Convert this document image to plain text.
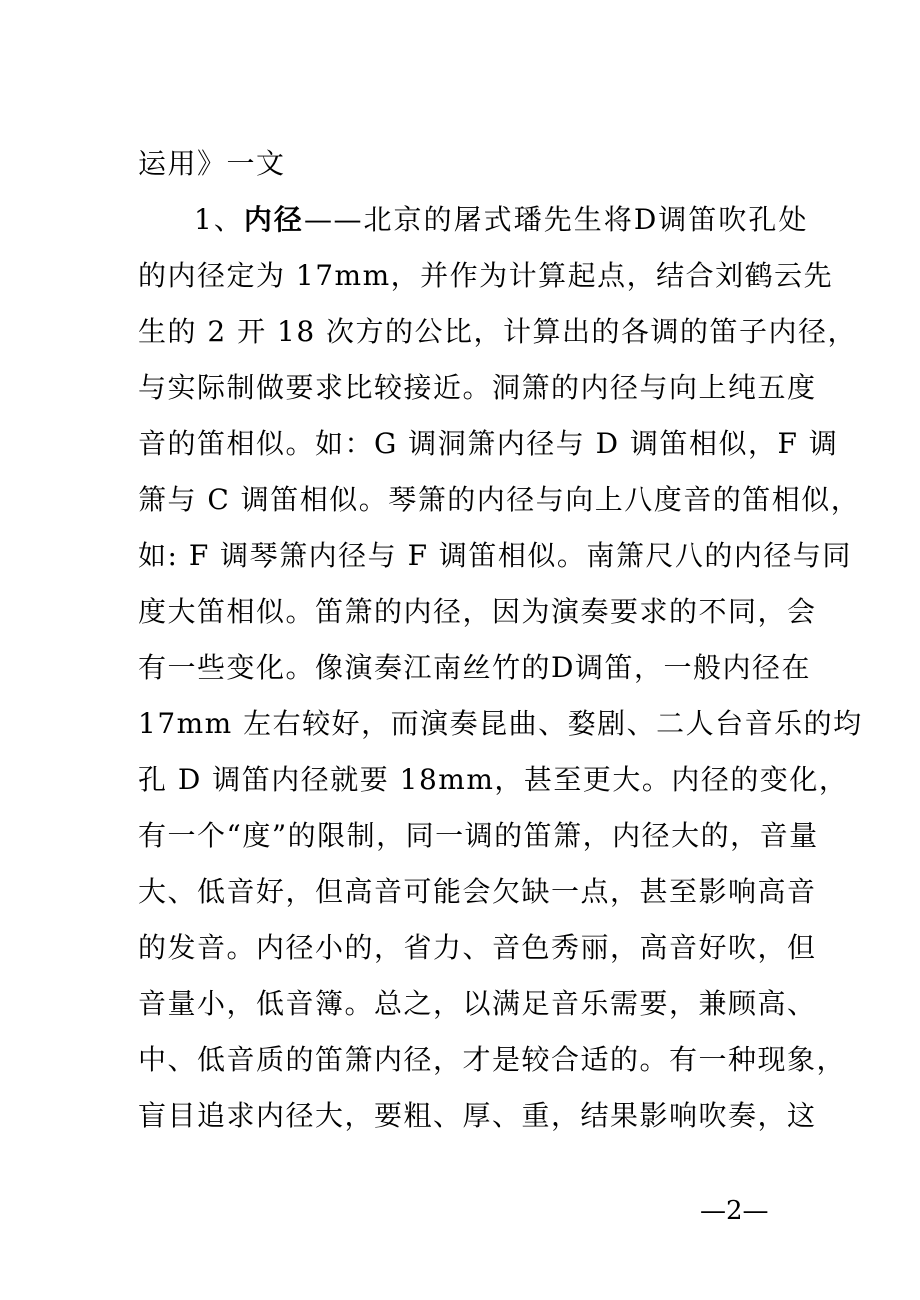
运用》一文
1、内径——北京的屠式璠先生将D调笛吹孔处
的内径定为 17mm，并作为计算起点，结合刘鹤云先
生的 2 开 18 次方的公比，计算出的各调的笛子内径，
与实际制做要求比较接近。洞箫的内径与向上纯五度
音的笛相似。如：G 调洞箫内径与 D 调笛相似，F 调
箫与 C 调笛相似。琴箫的内径与向上八度音的笛相似，
如: F 调琴箫内径与 F 调笛相似。南箫尺八的内径与同
度大笛相似。笛箫的内径，因为演奏要求的不同，会
有一些变化。像演奏江南丝竹的D调笛，一般内径在
17mm 左右较好，而演奏昆曲、婺剧、二人台音乐的均
孔 D 调笛内径就要 18mm，甚至更大。内径的变化，
有一个“度”的限制，同一调的笛箫，内径大的，音量
大、低音好，但高音可能会欠缺一点，甚至影响高音
的发音。内径小的，省力、音色秀丽，高音好吹，但
音量小，低音簿。总之，以满足音乐需要，兼顾高、
中、低音质的笛箫内径，才是较合适的。有一种现象，
盲目追求内径大，要粗、厚、重，结果影响吹奏，这
—2—
